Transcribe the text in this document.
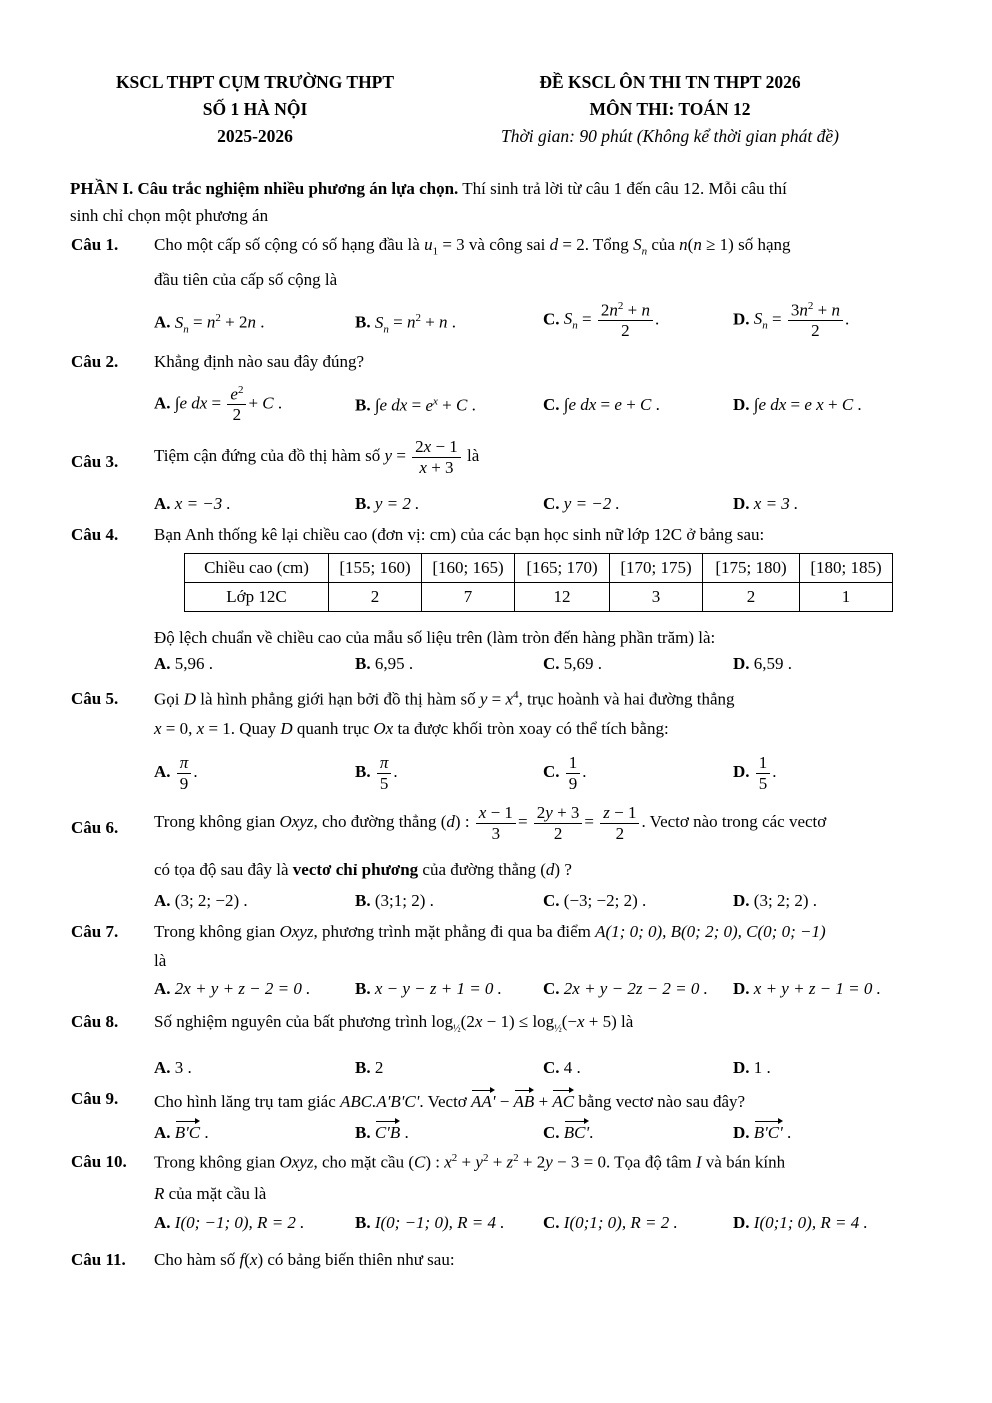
KSCL THPT CỤM TRƯỜNG THPT
SỐ 1 HÀ NỘI
2025-2026
ĐỀ KSCL ÔN THI TN THPT 2026
MÔN THI: TOÁN 12
Thời gian: 90 phút (Không kể thời gian phát đề)
PHẦN I. Câu trắc nghiệm nhiều phương án lựa chọn. Thí sinh trả lời từ câu 1 đến câu 12. Mỗi câu thí
sinh chỉ chọn một phương án
Câu 1. Cho một cấp số cộng có số hạng đầu là $u_1 = 3$ và công sai d = 2. Tổng $S_n$ của n(n ≥ 1) số hạng
đầu tiên của cấp số cộng là
A. $S_n = n^2 + 2n$ .	B. $S_n = n^2 + n$ .	C. $S_n = \frac{2n^2 + n}{2}$ .	D. $S_n = \frac{3n^2 + n}{2}$ .
Câu 2. Khẳng định nào sau đây đúng?
A. ∫e dx = $\frac{e^2}{2} + C$ .	B. ∫e dx = $e^x + C$ .	C. ∫e dx = e + C .	D. ∫e dx = e x + C .
Câu 3. Tiệm cận đứng của đồ thị hàm số $y = \frac{2x - 1}{x + 3}$ là
A. x = −3 .	B. y = 2 .	C. y = −2 .	D. x = 3 .
Câu 4. Bạn Anh thống kê lại chiều cao (đơn vị: cm) của các bạn học sinh nữ lớp 12C ở bảng sau:
Chiều cao (cm)	[155; 160)	[160; 165)	[165; 170)	[170; 175)	[175; 180)	[180; 185)
Lớp 12C	2	7	12	3	2	1
Độ lệch chuẩn về chiều cao của mẫu số liệu trên (làm tròn đến hàng phần trăm) là:
A. 5,96 .	B. 6,95 .	C. 5,69 .	D. 6,59 .
Câu 5. Gọi D là hình phẳng giới hạn bởi đồ thị hàm số $y = x^4$, trục hoành và hai đường thẳng
x = 0, x = 1. Quay D quanh trục Ox ta được khối tròn xoay có thể tích bằng:
A. $\frac{\pi}{9}$ .	B. $\frac{\pi}{5}$ .	C. $\frac{1}{9}$ .	D. $\frac{1}{5}$ .
Câu 6. Trong không gian Oxyz, cho đường thẳng (d) : $\frac{x - 1}{3} = \frac{2y + 3}{2} = \frac{z - 1}{2}$ . Vectơ nào trong các vectơ
có tọa độ sau đây là vectơ chỉ phương của đường thẳng (d) ?
A. (3; 2; −2) .	B. (3;1; 2) .	C. (−3; −2; 2) .	D. (3; 2; 2) .
Câu 7. Trong không gian Oxyz, phương trình mặt phẳng đi qua ba điểm A(1; 0; 0), B(0; 2; 0), C(0; 0; −1)
là
A. 2x + y + z − 2 = 0 .	B. x − y − z + 1 = 0 . C. 2x + y − 2z − 2 = 0 . D. x + y + z − 1 = 0 .
Câu 8. Số nghiệm nguyên của bất phương trình $\log_{\frac{1}{2}}(2x - 1) \le \log_{\frac{1}{2}}(-x + 5)$ là
A. 3 .	B. 2	C. 4 .	D. 1 .
Câu 9. Cho hình lăng trụ tam giác ABC.A'B'C'. Vectơ AA' − AB + AC bằng vectơ nào sau đây?
A. B'C .	B. C'B .	C. BC'.	D. B'C' .
Câu 10. Trong không gian Oxyz, cho mặt cầu (C) : $x^2 + y^2 + z^2 + 2y - 3 = 0$. Tọa độ tâm I và bán kính
R của mặt cầu là
A. I(0; −1; 0), R = 2 .	B. I(0; −1; 0), R = 4 . C. I(0;1; 0), R = 2 .	D. I(0;1; 0), R = 4 .
Câu 11. Cho hàm số f(x) có bảng biến thiên như sau:
